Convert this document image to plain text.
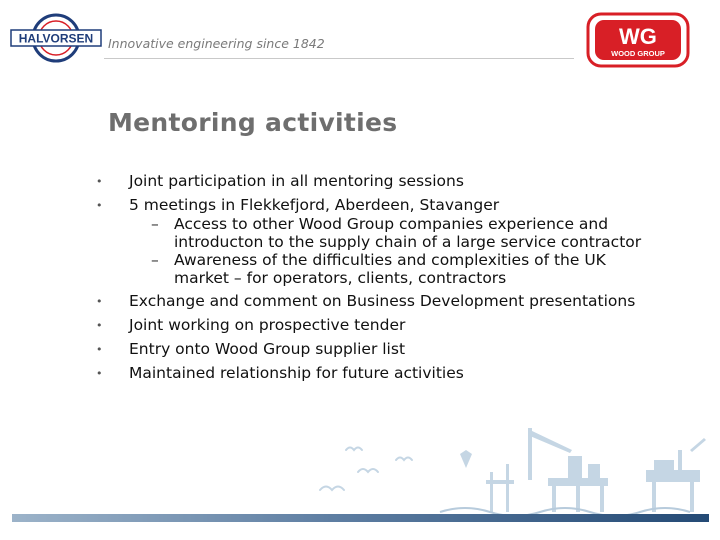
HALVORSEN Innovative engineering since 1842	WG
WOOD GROUP
Mentoring activities
• Joint participation in all mentoring sessions
• 5 meetings in Flekkefjord, Aberdeen, Stavanger
– Access to other Wood Group companies experience and introducton to the supply chain of a large service contractor
– Awareness of the difficulties and complexities of the UK market – for operators, clients, contractors
• Exchange and comment on Business Development presentations
• Joint working on prospective tender
• Entry onto Wood Group supplier list
• Maintained relationship for future activities
